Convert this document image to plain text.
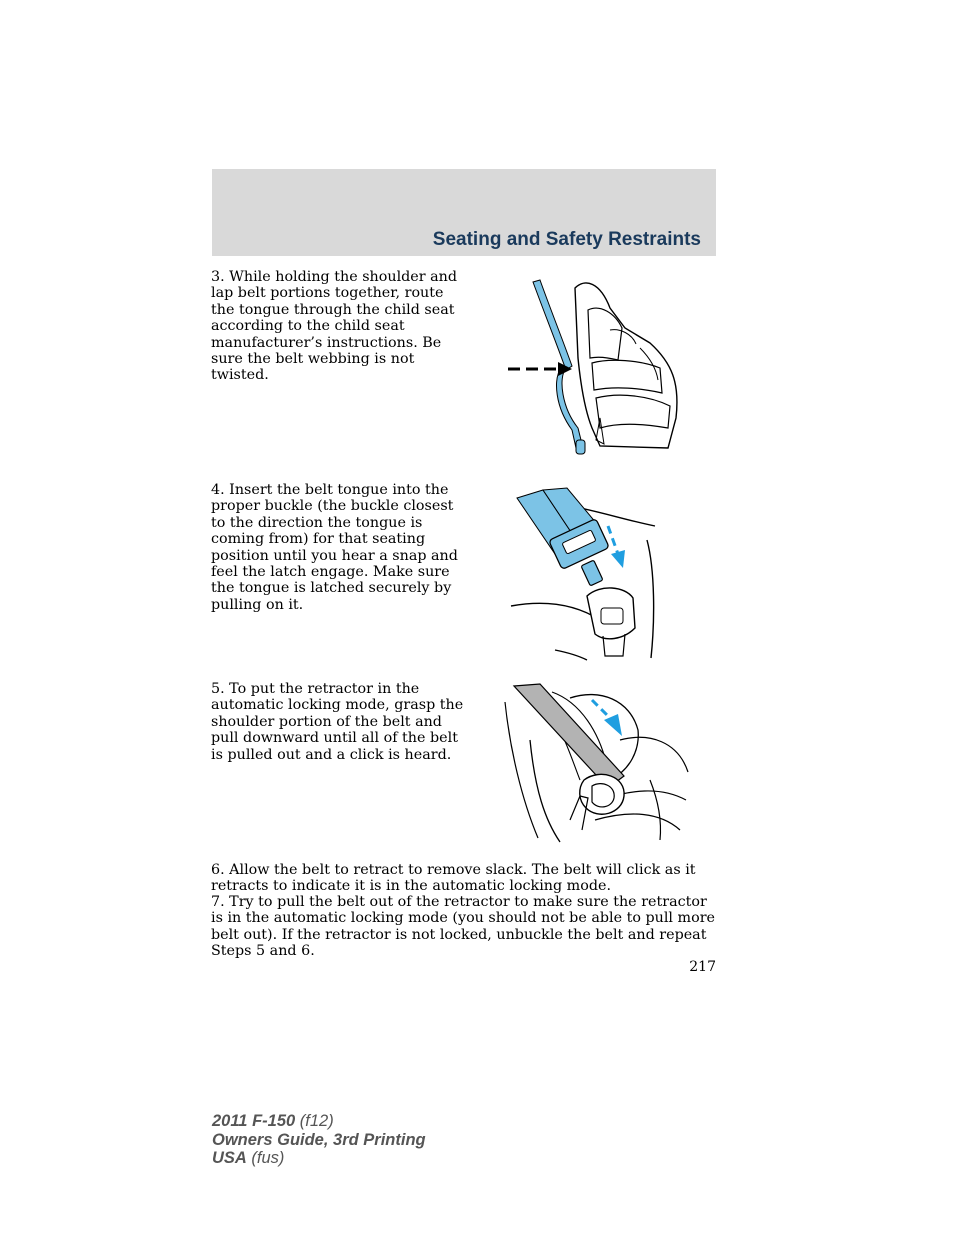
Seating and Safety Restraints

3. While holding the shoulder and lap belt portions together, route the tongue through the child seat according to the child seat manufacturer’s instructions. Be sure the belt webbing is not twisted.

4. Insert the belt tongue into the proper buckle (the buckle closest to the direction the tongue is coming from) for that seating position until you hear a snap and feel the latch engage. Make sure the tongue is latched securely by pulling on it.

5. To put the retractor in the automatic locking mode, grasp the shoulder portion of the belt and pull downward until all of the belt is pulled out and a click is heard.

6. Allow the belt to retract to remove slack. The belt will click as it retracts to indicate it is in the automatic locking mode.

7. Try to pull the belt out of the retractor to make sure the retractor is in the automatic locking mode (you should not be able to pull more belt out). If the retractor is not locked, unbuckle the belt and repeat Steps 5 and 6.

217
2011 F-150 (f12)
Owners Guide, 3rd Printing
USA (fus)
